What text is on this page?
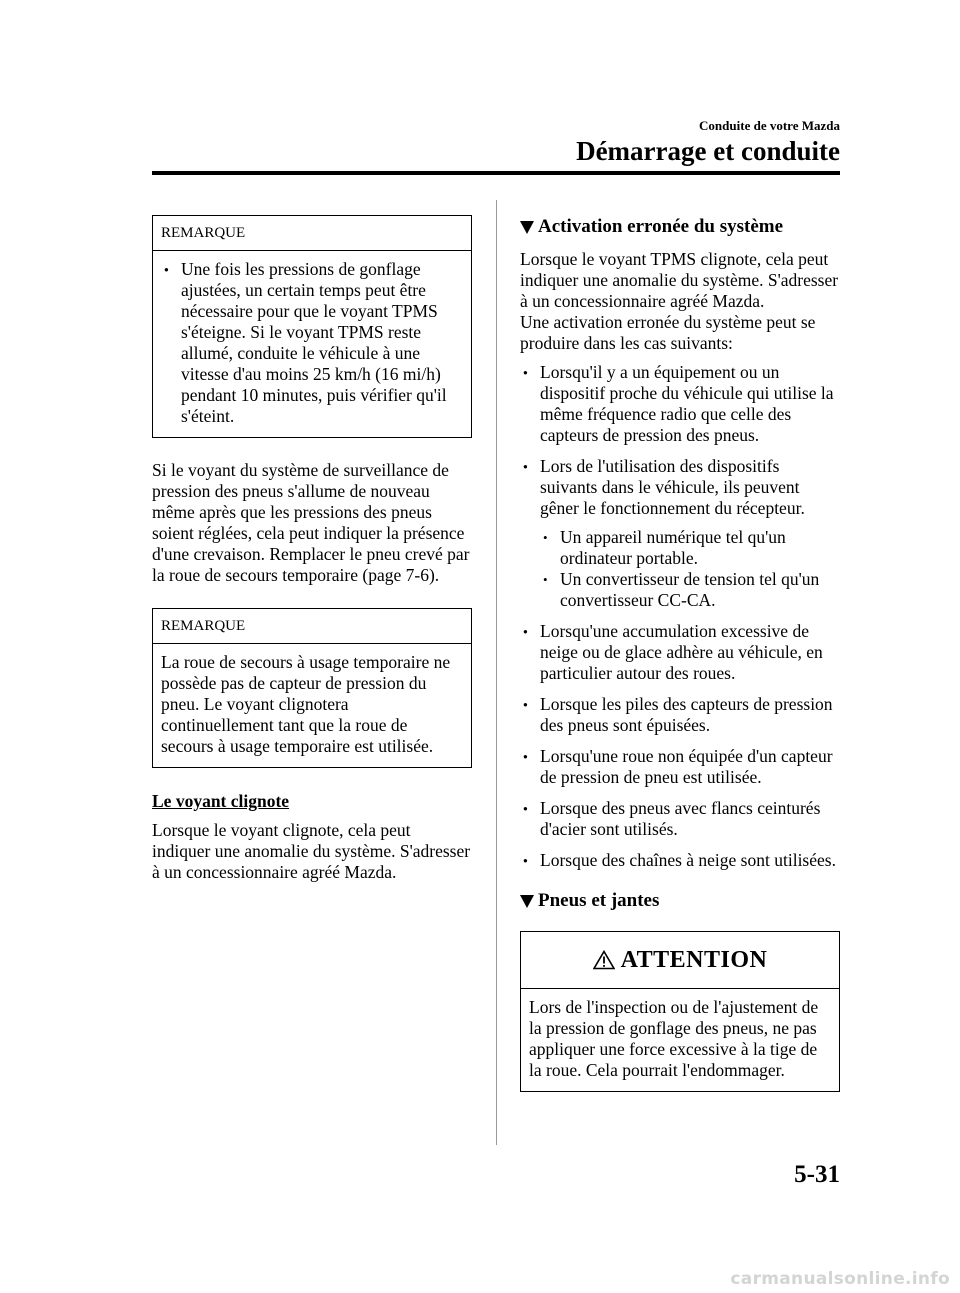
Conduite de votre Mazda
Démarrage et conduite
REMARQUE
● Une fois les pressions de gonflage ajustées, un certain temps peut être nécessaire pour que le voyant TPMS s'éteigne. Si le voyant TPMS reste allumé, conduite le véhicule à une vitesse d'au moins 25 km/h (16 mi/h) pendant 10 minutes, puis vérifier qu'il s'éteint.

Si le voyant du système de surveillance de pression des pneus s'allume de nouveau même après que les pressions des pneus soient réglées, cela peut indiquer la présence d'une crevaison. Remplacer le pneu crevé par la roue de secours temporaire (page 7-6).

REMARQUE

La roue de secours à usage temporaire ne possède pas de capteur de pression du pneu. Le voyant clignotera continuellement tant que la roue de secours à usage temporaire est utilisée.

Le voyant clignote

Lorsque le voyant clignote, cela peut indiquer une anomalie du système. S'adresser à un concessionnaire agréé Mazda.

Activation erronée du système

Lorsque le voyant TPMS clignote, cela peut indiquer une anomalie du système. S'adresser à un concessionnaire agréé Mazda.

Une activation erronée du système peut se produire dans les cas suivants:

● Lorsqu'il y a un équipement ou un dispositif proche du véhicule qui utilise la même fréquence radio que celle des capteurs de pression des pneus.
● Lors de l'utilisation des dispositifs suivants dans le véhicule, ils peuvent gêner le fonctionnement du récepteur.
• Un appareil numérique tel qu'un ordinateur portable.
• Un convertisseur de tension tel qu'un convertisseur CC-CA.
● Lorsqu'une accumulation excessive de neige ou de glace adhère au véhicule, en particulier autour des roues.
● Lorsque les piles des capteurs de pression des pneus sont épuisées.
● Lorsqu'une roue non équipée d'un capteur de pression de pneu est utilisée.
● Lorsque des pneus avec flancs ceinturés d'acier sont utilisés.
● Lorsque des chaînes à neige sont utilisées.
Pneus et jantes
ATTENTION

Lors de l'inspection ou de l'ajustement de la pression de gonflage des pneus, ne pas appliquer une force excessive à la tige de la roue. Cela pourrait l'endommager.

5-31
carmanualsonline.info
